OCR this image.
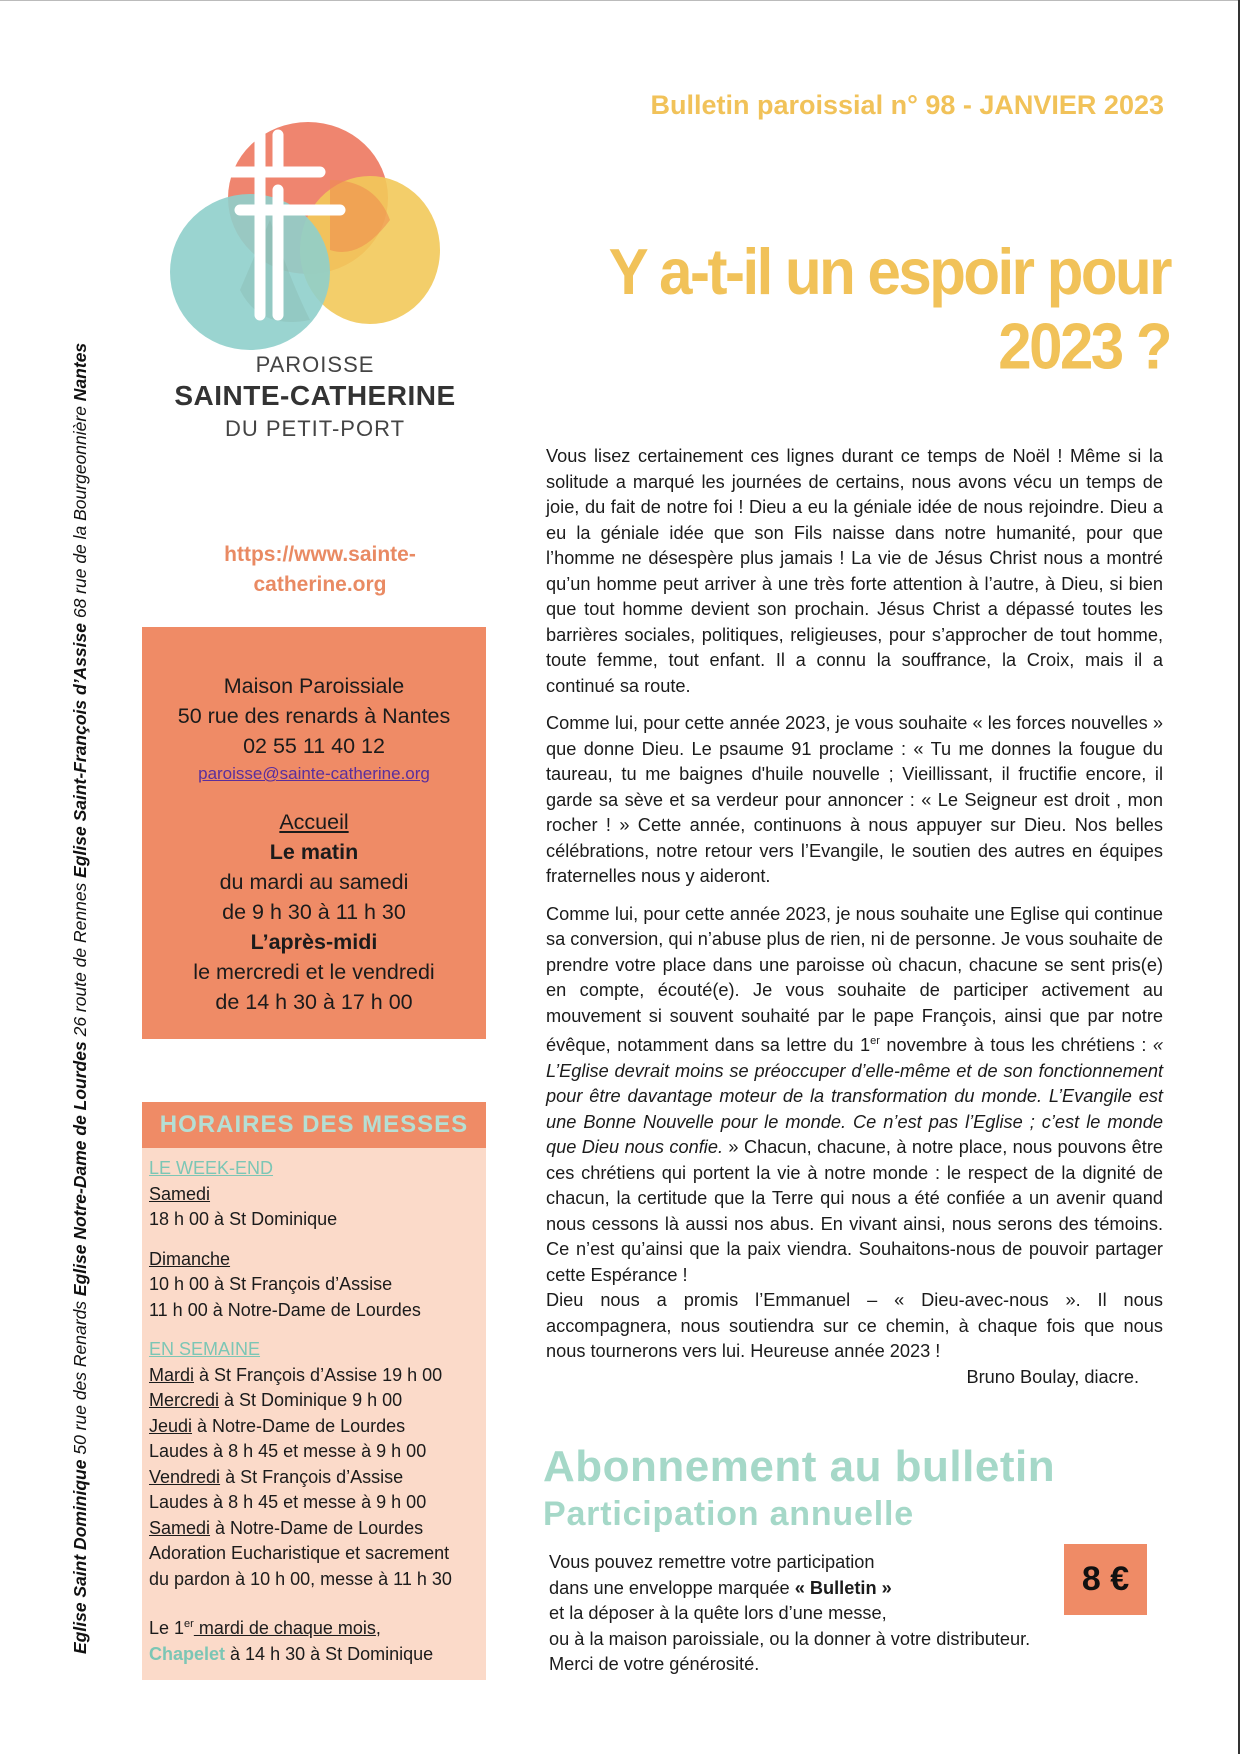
Eglise Saint Dominique 50 rue des Renards Eglise Notre-Dame de Lourdes 26 route de Rennes Eglise Saint-François d’Assise 68 rue de la Bourgeonnière Nantes	PAROISSE
SAINTE-CATHERINE
DU PETIT-PORT
https://www.sainte-
catherine.org
Maison Paroissiale
50 rue des renards à Nantes
02 55 11 40 12
paroisse@sainte-catherine.org
Accueil
Le matin
du mardi au samedi
de 9 h 30 à 11 h 30
L’après-midi
le mercredi et le vendredi
de 14 h 30 à 17 h 00
HORAIRES DES MESSES
LE WEEK-END
Samedi
18 h 00 à St Dominique
Dimanche
10 h 00 à St François d’Assise
11 h 00 à Notre-Dame de Lourdes
EN SEMAINE
Mardi à St François d’Assise 19 h 00
Mercredi à St Dominique 9 h 00
Jeudi à Notre-Dame de Lourdes
Laudes à 8 h 45 et messe à 9 h 00
Vendredi à St François d’Assise
Laudes à 8 h 45 et messe à 9 h 00
Samedi à Notre-Dame de Lourdes
Adoration Eucharistique et sacrement
du pardon à 10 h 00, messe à 11 h 30
Le 1er mardi de chaque mois,
Chapelet à 14 h 30 à St Dominique
Bulletin paroissial n° 98 - JANVIER 2023
Y a-t-il un espoir pour 2023 ?

Vous lisez certainement ces lignes durant ce temps de Noël ! Même si la solitude a marqué les journées de certains, nous avons vécu un temps de joie, du fait de notre foi ! Dieu a eu la géniale idée de nous rejoindre. Dieu a eu la géniale idée que son Fils naisse dans notre humanité, pour que l’homme ne désespère plus jamais ! La vie de Jésus Christ nous a montré qu’un homme peut arriver à une très forte attention à l’autre, à Dieu, si bien que tout homme devient son prochain. Jésus Christ a dépassé toutes les barrières sociales, politiques, religieuses, pour s’approcher de tout homme, toute femme, tout enfant. Il a connu la souffrance, la Croix, mais il a continué sa route.

Comme lui, pour cette année 2023, je vous souhaite « les forces nouvelles » que donne Dieu. Le psaume 91 proclame : « Tu me donnes la fougue du taureau, tu me baignes d'huile nouvelle ; Vieillissant, il fructifie encore, il garde sa sève et sa verdeur pour annoncer : « Le Seigneur est droit , mon rocher ! » Cette année, continuons à nous appuyer sur Dieu. Nos belles célébrations, notre retour vers l’Evangile, le soutien des autres en équipes fraternelles nous y aideront.

Comme lui, pour cette année 2023, je nous souhaite une Eglise qui continue sa conversion, qui n’abuse plus de rien, ni de personne. Je vous souhaite de prendre votre place dans une paroisse où chacun, chacune se sent pris(e) en compte, écouté(e). Je vous souhaite de participer activement au mouvement si souvent souhaité par le pape François, ainsi que par notre évêque, notamment dans sa lettre du 1er novembre à tous les chrétiens : « L’Eglise devrait moins se préoccuper d’elle-même et de son fonctionnement pour être davantage moteur de la transformation du monde. L’Evangile est une Bonne Nouvelle pour le monde. Ce n’est pas l’Eglise ; c’est le monde que Dieu nous confie. » Chacun, chacune, à notre place, nous pouvons être ces chrétiens qui portent la vie à notre monde : le respect de la dignité de chacun, la certitude que la Terre qui nous a été confiée a un avenir quand nous cessons là aussi nos abus. En vivant ainsi, nous serons des témoins. Ce n’est qu’ainsi que la paix viendra. Souhaitons-nous de pouvoir partager cette Espérance !

Dieu nous a promis l’Emmanuel – « Dieu-avec-nous ». Il nous accompagnera, nous soutiendra sur ce chemin, à chaque fois que nous nous tournerons vers lui. Heureuse année 2023 !

Bruno Boulay, diacre.
Abonnement au bulletin
Participation annuelle
Vous pouvez remettre votre participation
dans une enveloppe marquée « Bulletin »
et la déposer à la quête lors d’une messe,
ou à la maison paroissiale, ou la donner à votre distributeur.
Merci de votre générosité.
8 €
